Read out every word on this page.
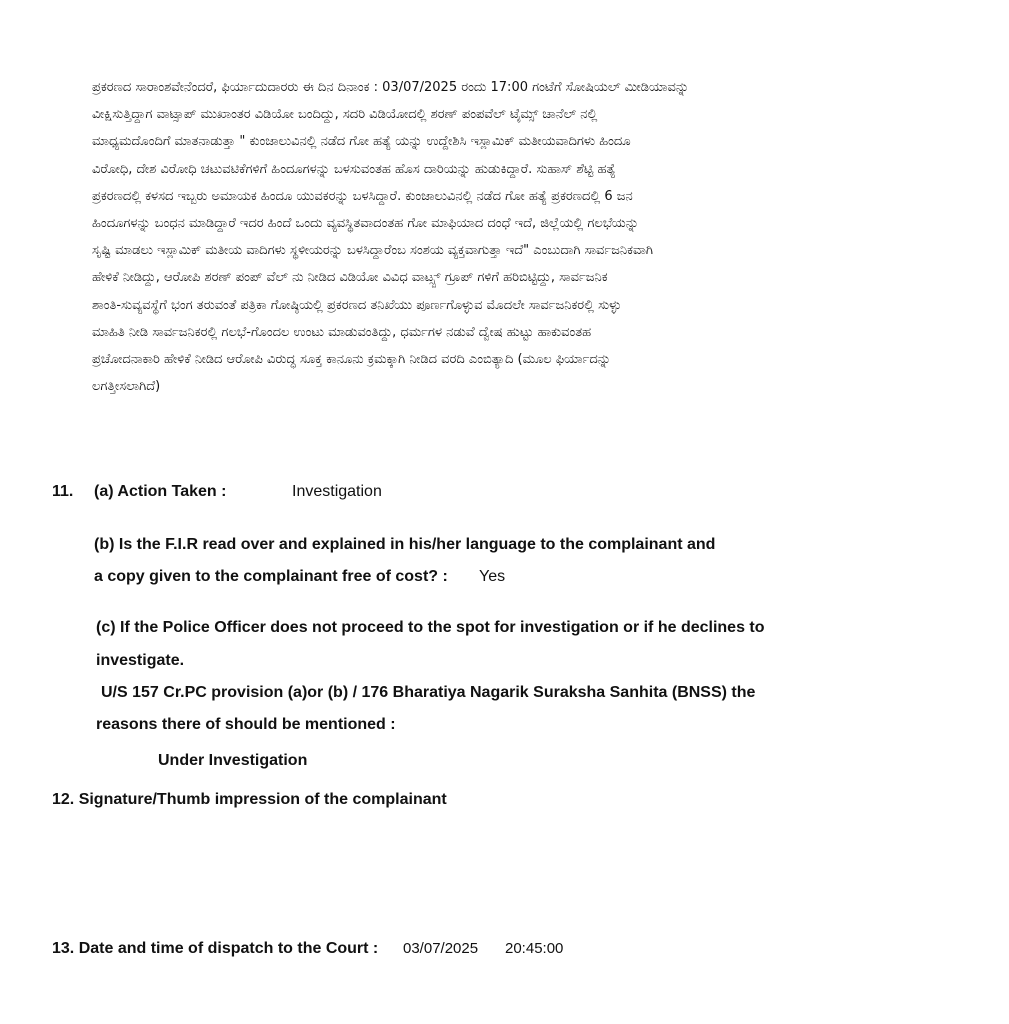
ಪ್ರಕರಣದ ಸಾರಾಂಶವೇನೆಂದರೆ, ಫಿರ್ಯಾದುದಾರರು ಈ ದಿನ ದಿನಾಂಕ : 03/07/2025 ರಂದು 17:00 ಗಂಟೆಗೆ ಸೋಷಿಯಲ್ ಮೀಡಿಯಾವನ್ನು
ವೀಕ್ಷಿಸುತ್ತಿದ್ದಾಗ ವಾಟ್ಸಾಪ್ ಮುಖಾಂತರ ವಿಡಿಯೋ ಬಂದಿದ್ದು, ಸದರಿ ವಿಡಿಯೋದಲ್ಲಿ ಶರಣ್ ಪಂಪವೆಲ್ ಟೈಮ್ಸ್ ಚಾನೆಲ್ ನಲ್ಲಿ
ಮಾಧ್ಯಮದೊಂದಿಗೆ ಮಾತನಾಡುತ್ತಾ " ಕುಂಜಾಲುವಿನಲ್ಲಿ ನಡೆದ ಗೋ ಹತ್ಯೆ ಯನ್ನು ಉದ್ದೇಶಿಸಿ ಇಸ್ಲಾಮಿಕ್ ಮತೀಯವಾದಿಗಳು ಹಿಂದೂ
ವಿರೋಧಿ, ದೇಶ ವಿರೋಧಿ ಚಟುವಟಿಕೆಗಳಿಗೆ ಹಿಂದೂಗಳನ್ನು ಬಳಸುವಂತಹ ಹೊಸ ದಾರಿಯನ್ನು ಹುಡುಕಿದ್ದಾರೆ. ಸುಹಾಸ್ ಶೆಟ್ಟಿ ಹತ್ಯೆ
ಪ್ರಕರಣದಲ್ಲಿ ಕಳಸದ ಇಬ್ಬರು ಅಮಾಯಕ ಹಿಂದೂ ಯುವಕರನ್ನು ಬಳಸಿದ್ದಾರೆ. ಕುಂಜಾಲುವಿನಲ್ಲಿ ನಡೆದ ಗೋ ಹತ್ಯೆ ಪ್ರಕರಣದಲ್ಲಿ 6 ಜನ
ಹಿಂದೂಗಳನ್ನು ಬಂಧನ ಮಾಡಿದ್ದಾರೆ ಇದರ ಹಿಂದೆ ಒಂದು ವ್ಯವಸ್ಥಿತವಾದಂತಹ ಗೋ ಮಾಫಿಯಾದ ದಂಧೆ ಇದೆ, ಜಿಲ್ಲೆಯಲ್ಲಿ ಗಲಭೆಯನ್ನು
ಸೃಷ್ಟಿ ಮಾಡಲು ಇಸ್ಲಾಮಿಕ್ ಮತೀಯ ವಾದಿಗಳು ಸ್ಥಳೀಯರನ್ನು ಬಳಸಿದ್ದಾರೆಂಬ ಸಂಶಯ ವ್ಯಕ್ತವಾಗುತ್ತಾ ಇದೆ" ಎಂಬುದಾಗಿ ಸಾರ್ವಜನಿಕವಾಗಿ
ಹೇಳಿಕೆ ನೀಡಿದ್ದು, ಆರೋಪಿ ಶರಣ್ ಪಂಪ್ ವೆಲ್ ನು ನೀಡಿದ ವಿಡಿಯೋ ವಿವಿಧ ವಾಟ್ಸ್ಪ್ ಗ್ರೂಪ್ ಗಳಿಗೆ ಹರಿಬಿಟ್ಟಿದ್ದು, ಸಾರ್ವಜನಿಕ
ಶಾಂತಿ-ಸುವ್ಯವಸ್ಥೆಗೆ ಭಂಗ ತರುವಂತೆ ಪತ್ರಿಕಾ ಗೋಷ್ಠಿಯಲ್ಲಿ ಪ್ರಕರಣದ ತನಿಖೆಯು ಪೂರ್ಣಗೊಳ್ಳುವ ಮೊದಲೇ ಸಾರ್ವಜನಿಕರಲ್ಲಿ ಸುಳ್ಳು
ಮಾಹಿತಿ ನೀಡಿ ಸಾರ್ವಜನಿಕರಲ್ಲಿ ಗಲಭೆ-ಗೊಂದಲ ಉಂಟು ಮಾಡುವಂತಿದ್ದು, ಧರ್ಮಗಳ ನಡುವೆ ದ್ವೇಷ ಹುಟ್ಟು ಹಾಕುವಂತಹ
ಪ್ರಚೋದನಾಕಾರಿ ಹೇಳಿಕೆ ನೀಡಿದ ಆರೋಪಿ ವಿರುದ್ಧ ಸೂಕ್ತ ಕಾನೂನು ಕ್ರಮಕ್ಕಾಗಿ ನೀಡಿದ ವರದಿ ಎಂಬಿತ್ಯಾದಿ (ಮೂಲ ಫಿರ್ಯಾದನ್ನು
ಲಗತ್ತೀಸಲಾಗಿದೆ)
11. (a) Action Taken :	Investigation
(b) Is the F.I.R read over and explained in his/her language to the complainant and
a copy given to the complainant free of cost? : Yes
(c) If the Police Officer does not proceed to the spot for investigation or if he declines to
investigate.
U/S 157 Cr.PC provision (a)or (b) / 176 Bharatiya Nagarik Suraksha Sanhita (BNSS) the
reasons there of should be mentioned :
Under Investigation
12. Signature/Thumb impression of the complainant
13. Date and time of dispatch to the Court : 03/07/2025 20:45:00
